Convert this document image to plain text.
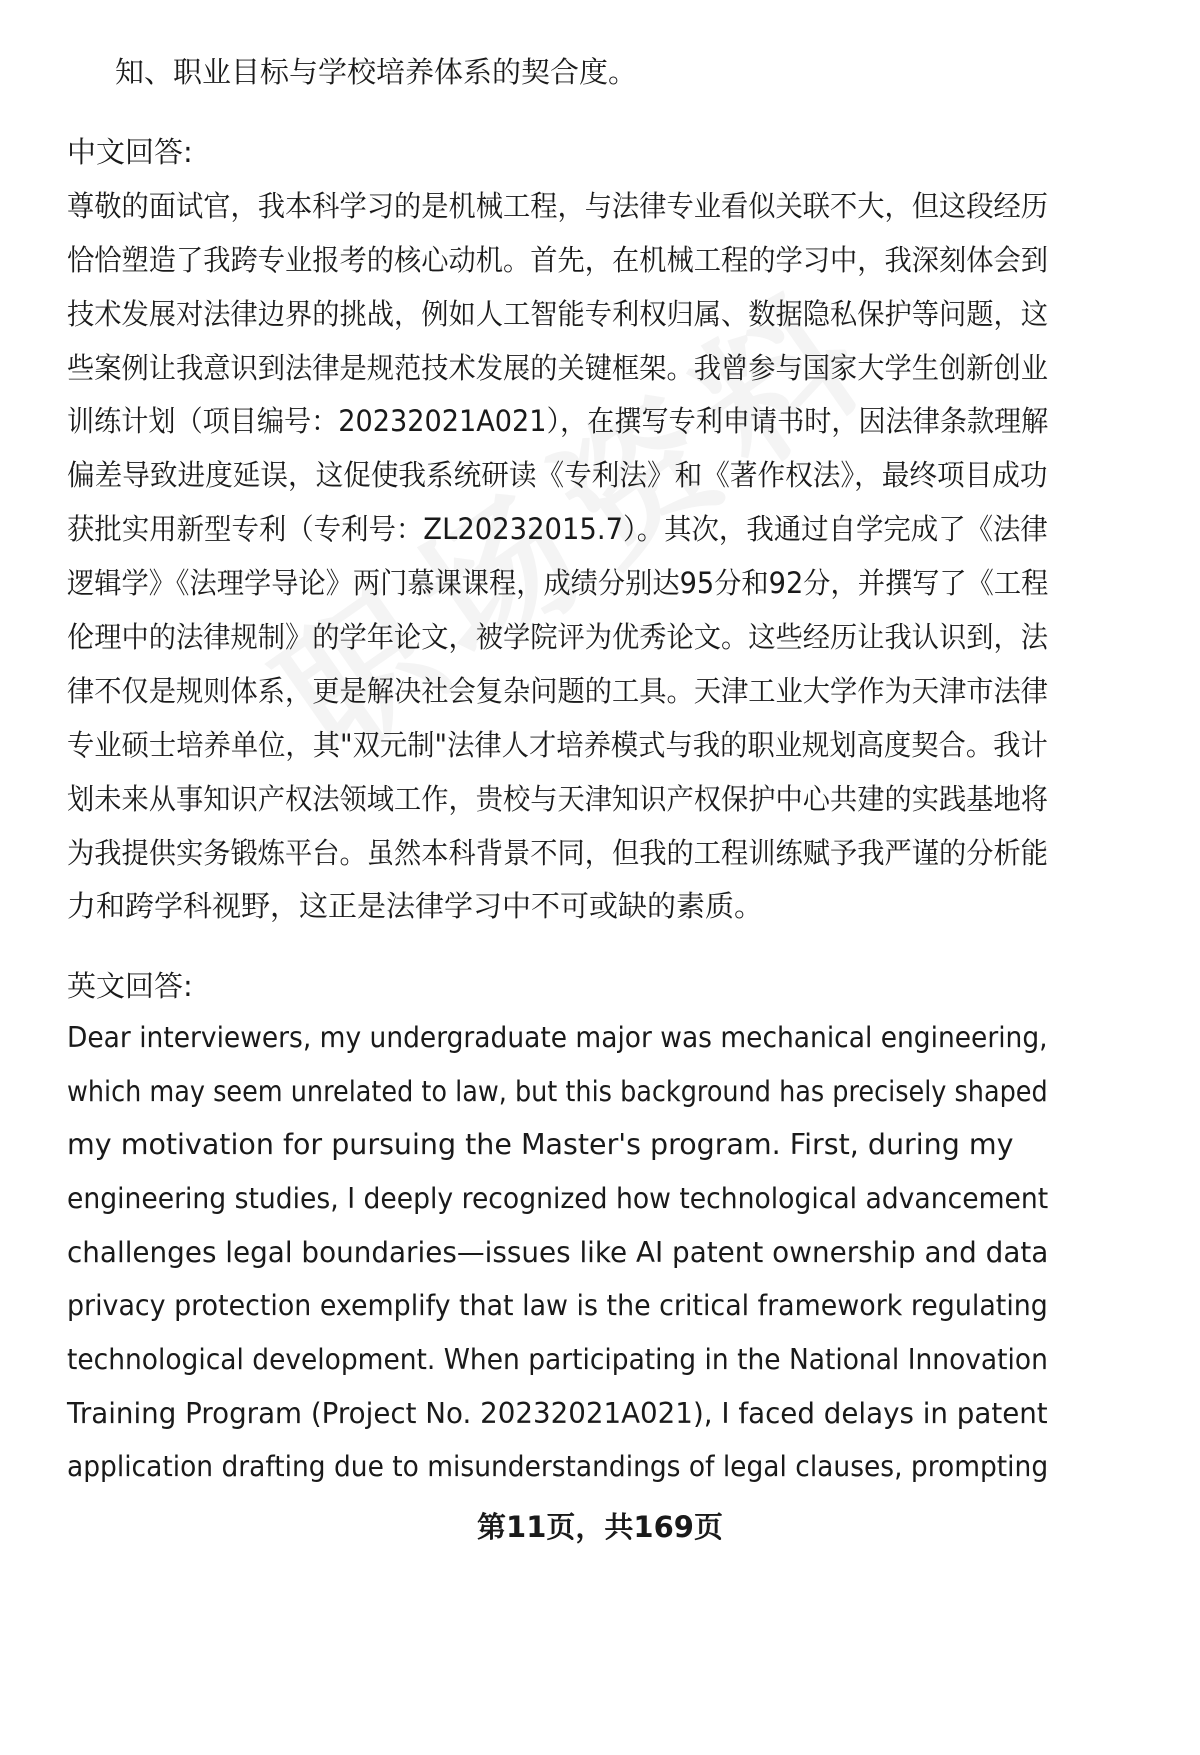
知、职业目标与学校培养体系的契合度。
中文回答:
尊敬的面试官，我本科学习的是机械工程，与法律专业看似关联不大，但这段经历
恰恰塑造了我跨专业报考的核心动机。首先，在机械工程的学习中，我深刻体会到
技术发展对法律边界的挑战，例如人工智能专利权归属、数据隐私保护等问题，这
些案例让我意识到法律是规范技术发展的关键框架。我曾参与国家大学生创新创业
训练计划（项目编号：20232021A021），在撰写专利申请书时，因法律条款理解
偏差导致进度延误，这促使我系统研读《专利法》和《著作权法》，最终项目成功
获批实用新型专利（专利号：ZL20232015.7）。其次，我通过自学完成了《法律
逻辑学》《法理学导论》两门慕课课程，成绩分别达95分和92分，并撰写了《工程
伦理中的法律规制》的学年论文，被学院评为优秀论文。这些经历让我认识到，法
律不仅是规则体系，更是解决社会复杂问题的工具。天津工业大学作为天津市法律
专业硕士培养单位，其"双元制"法律人才培养模式与我的职业规划高度契合。我计
划未来从事知识产权法领域工作，贵校与天津知识产权保护中心共建的实践基地将
为我提供实务锻炼平台。虽然本科背景不同，但我的工程训练赋予我严谨的分析能
力和跨学科视野，这正是法律学习中不可或缺的素质。
英文回答:
Dear interviewers, my undergraduate major was mechanical engineering,
which may seem unrelated to law, but this background has precisely shaped
my motivation for pursuing the Master's program. First, during my
engineering studies, I deeply recognized how technological advancement
challenges legal boundaries—issues like AI patent ownership and data
privacy protection exemplify that law is the critical framework regulating
technological development. When participating in the National Innovation
Training Program (Project No. 20232021A021), I faced delays in patent
application drafting due to misunderstandings of legal clauses, prompting
第11页，共169页
